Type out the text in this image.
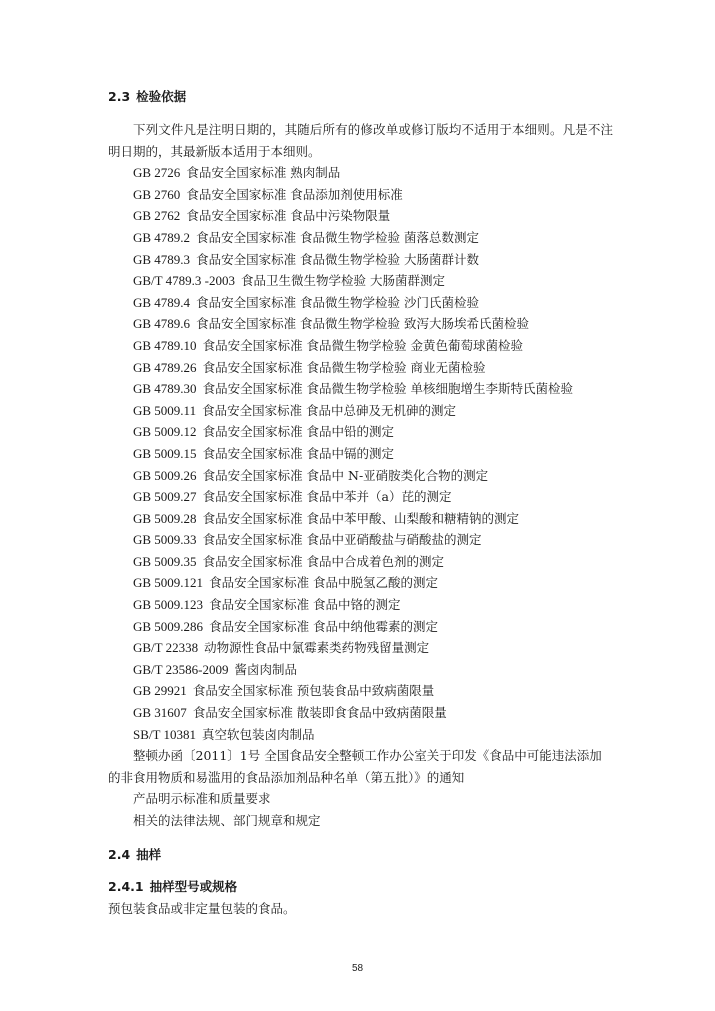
2.3 检验依据

下列文件凡是注明日期的，其随后所有的修改单或修订版均不适用于本细则。凡是不注明日期的，其最新版本适用于本细则。

GB 2726 食品安全国家标准 熟肉制品
GB 2760 食品安全国家标准 食品添加剂使用标准
GB 2762 食品安全国家标准 食品中污染物限量
GB 4789.2 食品安全国家标准 食品微生物学检验 菌落总数测定
GB 4789.3 食品安全国家标准 食品微生物学检验 大肠菌群计数
GB/T 4789.3 -2003 食品卫生微生物学检验 大肠菌群测定
GB 4789.4 食品安全国家标准 食品微生物学检验 沙门氏菌检验
GB 4789.6 食品安全国家标准 食品微生物学检验 致泻大肠埃希氏菌检验
GB 4789.10 食品安全国家标准 食品微生物学检验 金黄色葡萄球菌检验
GB 4789.26 食品安全国家标准 食品微生物学检验 商业无菌检验
GB 4789.30 食品安全国家标准 食品微生物学检验 单核细胞增生李斯特氏菌检验
GB 5009.11 食品安全国家标准 食品中总砷及无机砷的测定
GB 5009.12 食品安全国家标准 食品中铅的测定
GB 5009.15 食品安全国家标准 食品中镉的测定
GB 5009.26 食品安全国家标准 食品中 N-亚硝胺类化合物的测定
GB 5009.27 食品安全国家标准 食品中苯并（a）芘的测定
GB 5009.28 食品安全国家标准 食品中苯甲酸、山梨酸和糖精钠的测定
GB 5009.33 食品安全国家标准 食品中亚硝酸盐与硝酸盐的测定
GB 5009.35 食品安全国家标准 食品中合成着色剂的测定
GB 5009.121 食品安全国家标准 食品中脱氢乙酸的测定
GB 5009.123 食品安全国家标准 食品中铬的测定
GB 5009.286 食品安全国家标准 食品中纳他霉素的测定
GB/T 22338 动物源性食品中氯霉素类药物残留量测定
GB/T 23586-2009 酱卤肉制品
GB 29921 食品安全国家标准 预包装食品中致病菌限量
GB 31607 食品安全国家标准 散装即食食品中致病菌限量
SB/T 10381 真空软包装卤肉制品

整顿办函〔2011〕1号 全国食品安全整顿工作办公室关于印发《食品中可能违法添加的非食用物质和易滥用的食品添加剂品种名单（第五批）》的通知

产品明示标准和质量要求
相关的法律法规、部门规章和规定
2.4 抽样
2.4.1 抽样型号或规格
预包装食品或非定量包装的食品。
58
